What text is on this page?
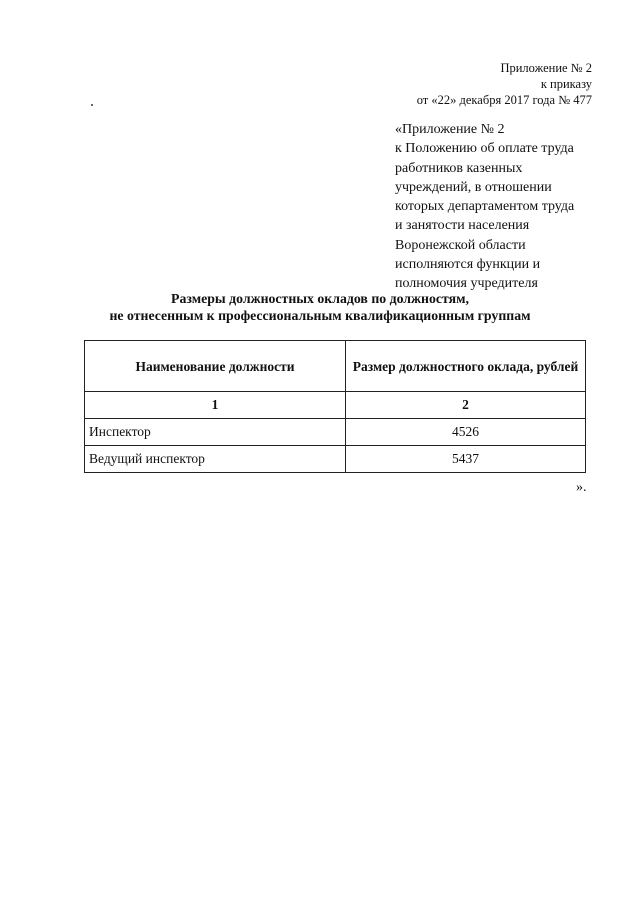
Приложение № 2
к приказу
от «22» декабря 2017 года № 477
«Приложение № 2
к Положению об оплате труда
работников казенных
учреждений, в отношении
которых департаментом труда
и занятости населения
Воронежской области
исполняются функции и
полномочия учредителя
Размеры должностных окладов по должностям,
не отнесенным к профессиональным квалификационным группам
Наименование должности	Размер должностного оклада, рублей
1	2
Инспектор	4526
Ведущий инспектор	5437
».
